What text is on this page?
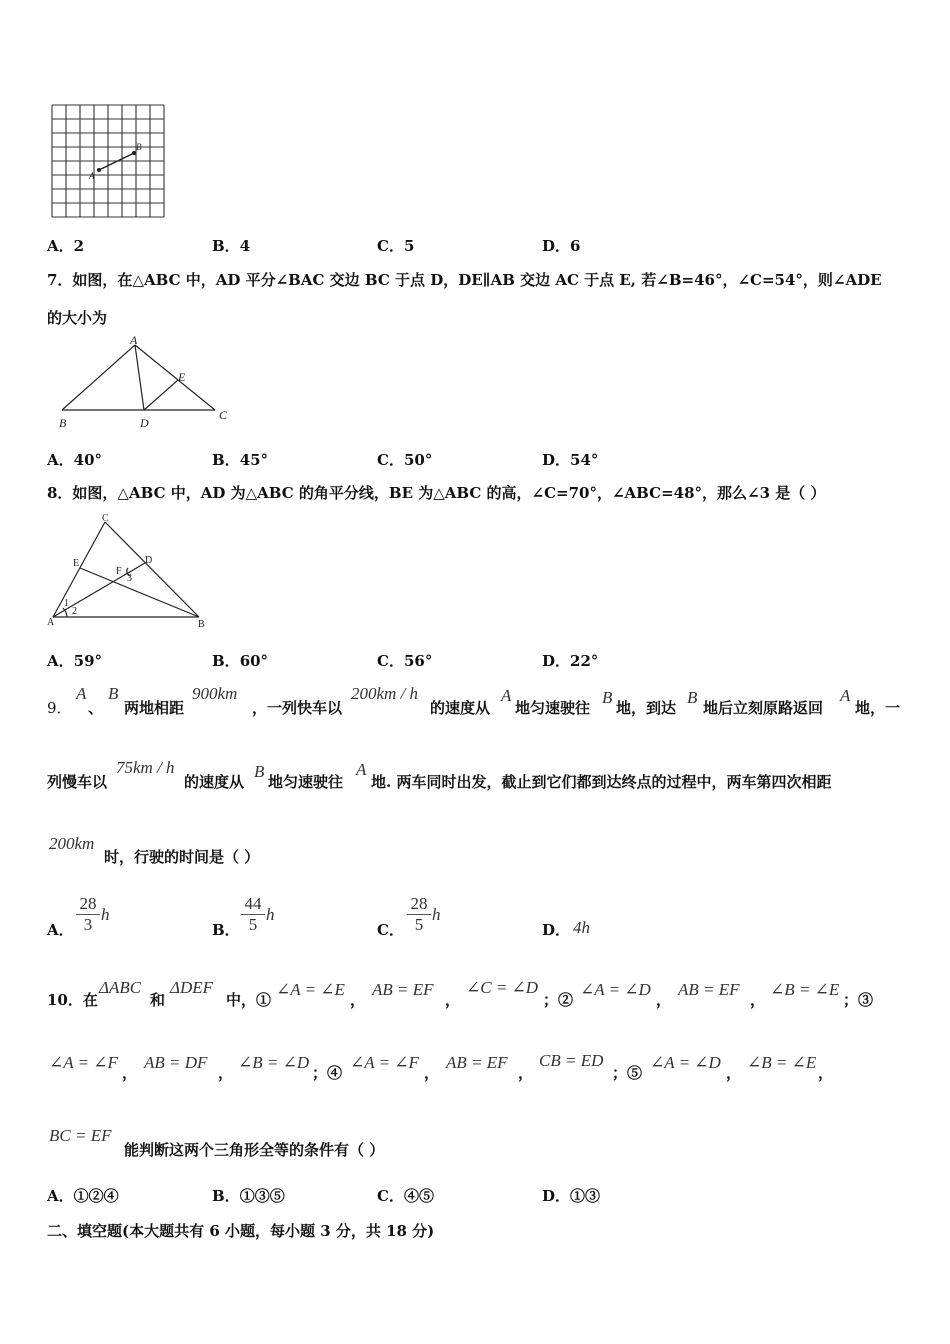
A
B
A．2	B．4	C．5	D．6
7．如图，在△ABC 中，AD 平分∠BAC 交边 BC 于点 D，DE∥AB 交边 AC 于点 E, 若∠B=46°，∠C=54°，则∠ADE
的大小为
A
E
C
B	D
A．40°	B．45°	C．50°	D．54°
8．如图，△ABC 中，AD 为△ABC 的角平分线，BE 为△ABC 的高，∠C=70°，∠ABC=48°，那么∠3 是（ ）
C
E	D
F
3
1
2
A	B
A．59°	B．60°	C．56°	D．22°
9．
A
、
B
两地相距
900km
，一列快车以
200km / h
的速度从
A
地匀速驶往
B
地，到达
B
地后立刻原路返回
A
地，一
列慢车以
75km / h
的速度从
B
地匀速驶往
A
地. 两车同时出发，截止到它们都到达终点的过程中，两车第四次相距
200km
时，行驶的时间是（ ）
A．
28
3
h
B．
44
5
h
C．
28
5
h
D． 4h
10．在
ΔABC
和
ΔDEF
中，①
∠A = ∠E
，
AB = EF
，
∠C = ∠D
；②
∠A = ∠D
，
AB = EF
，
∠B = ∠E
；③
∠A = ∠F
，
AB = DF
，
∠B = ∠D
；④
∠A = ∠F
，
AB = EF
，
CB = ED
；⑤
∠A = ∠D
，
∠B = ∠E
，
BC = EF
能判断这两个三角形全等的条件有（ ）
A．①②④	B．①③⑤	C．④⑤	D．①③
二、填空题(本大题共有 6 小题，每小题 3 分，共 18 分)
